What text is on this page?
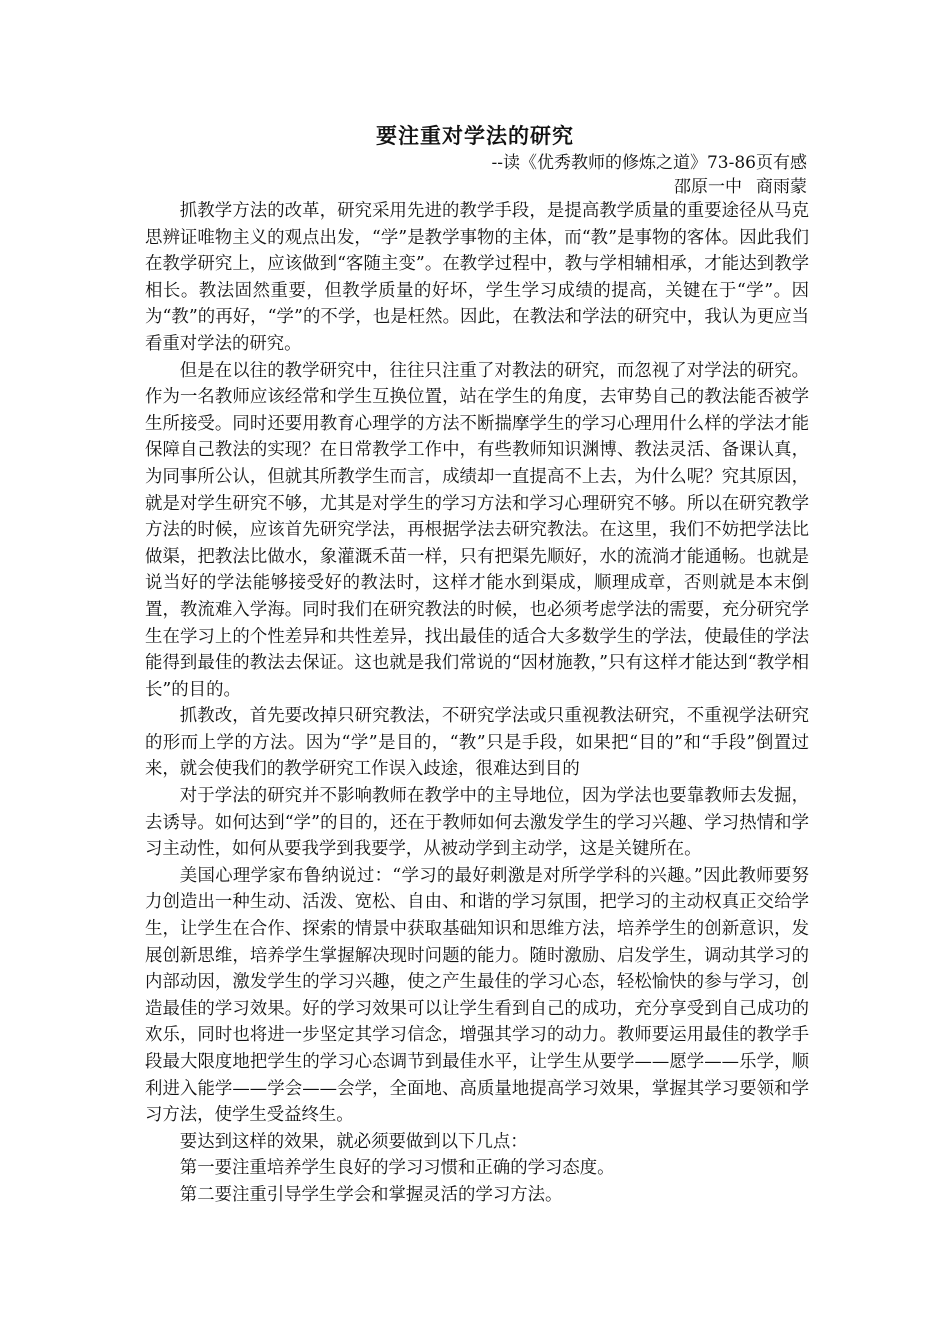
要注重对学法的研究

--读《优秀教师的修炼之道》73-86页有感

邵原一中 商雨蒙

抓教学方法的改革，研究采用先进的教学手段，是提高教学质量的重要途径从马克思辨证唯物主义的观点出发，“学”是教学事物的主体，而“教”是事物的客体。因此我们在教学研究上，应该做到“客随主变”。在教学过程中，教与学相辅相承，才能达到教学相长。教法固然重要，但教学质量的好坏，学生学习成绩的提高，关键在于“学”。因为“教”的再好，“学”的不学，也是枉然。因此，在教法和学法的研究中，我认为更应当看重对学法的研究。

但是在以往的教学研究中，往往只注重了对教法的研究，而忽视了对学法的研究。作为一名教师应该经常和学生互换位置，站在学生的角度，去审势自己的教法能否被学生所接受。同时还要用教育心理学的方法不断揣摩学生的学习心理用什么样的学法才能保障自己教法的实现？在日常教学工作中，有些教师知识渊博、教法灵活、备课认真，为同事所公认，但就其所教学生而言，成绩却一直提高不上去，为什么呢？究其原因，就是对学生研究不够，尤其是对学生的学习方法和学习心理研究不够。所以在研究教学方法的时候，应该首先研究学法，再根据学法去研究教法。在这里，我们不妨把学法比做渠，把教法比做水，象灌溉禾苗一样，只有把渠先顺好，水的流淌才能通畅。也就是说当好的学法能够接受好的教法时，这样才能水到渠成，顺理成章，否则就是本末倒置，教流难入学海。同时我们在研究教法的时候，也必须考虑学法的需要，充分研究学生在学习上的个性差异和共性差异，找出最佳的适合大多数学生的学法，使最佳的学法能得到最佳的教法去保证。这也就是我们常说的“因材施教，”只有这样才能达到“教学相长”的目的。

抓教改，首先要改掉只研究教法，不研究学法或只重视教法研究，不重视学法研究的形而上学的方法。因为“学”是目的，“教”只是手段，如果把“目的”和“手段”倒置过来，就会使我们的教学研究工作误入歧途，很难达到目的

对于学法的研究并不影响教师在教学中的主导地位，因为学法也要靠教师去发掘，去诱导。如何达到“学”的目的，还在于教师如何去激发学生的学习兴趣、学习热情和学习主动性，如何从要我学到我要学，从被动学到主动学，这是关键所在。

美国心理学家布鲁纳说过：“学习的最好刺激是对所学学科的兴趣。”因此教师要努力创造出一种生动、活泼、宽松、自由、和谐的学习氛围，把学习的主动权真正交给学生，让学生在合作、探索的情景中获取基础知识和思维方法，培养学生的创新意识，发展创新思维，培养学生掌握解决现时问题的能力。随时激励、启发学生，调动其学习的内部动因，激发学生的学习兴趣，使之产生最佳的学习心态，轻松愉快的参与学习，创造最佳的学习效果。好的学习效果可以让学生看到自己的成功，充分享受到自己成功的欢乐，同时也将进一步坚定其学习信念，增强其学习的动力。教师要运用最佳的教学手段最大限度地把学生的学习心态调节到最佳水平，让学生从要学——愿学——乐学，顺利进入能学——学会——会学，全面地、高质量地提高学习效果，掌握其学习要领和学习方法，使学生受益终生。

要达到这样的效果，就必须要做到以下几点：

第一要注重培养学生良好的学习习惯和正确的学习态度。

第二要注重引导学生学会和掌握灵活的学习方法。
